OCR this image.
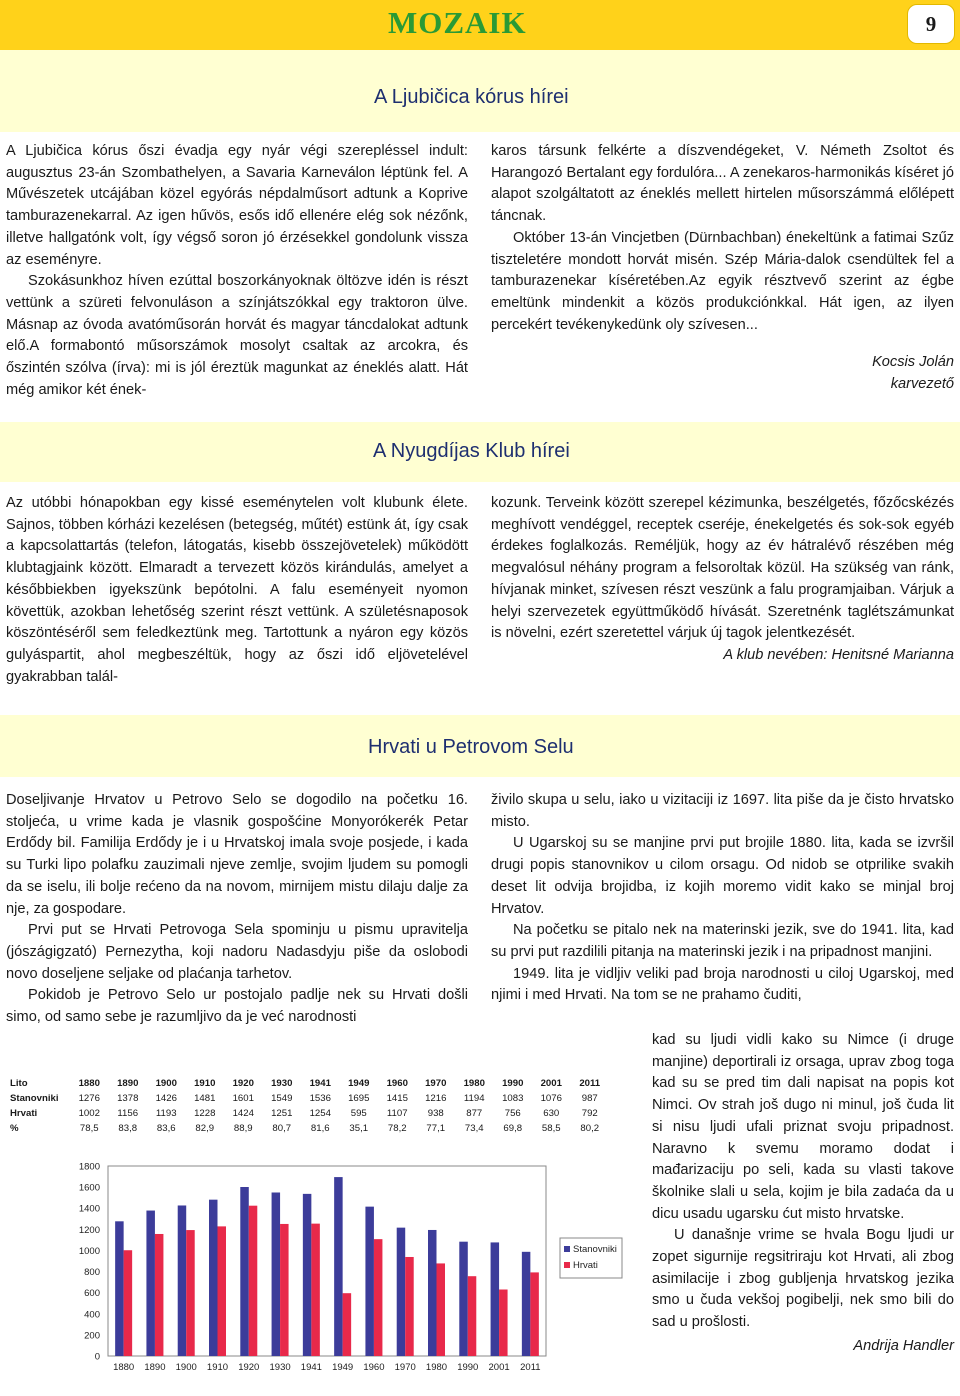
MOZAIK	9
A Ljubičica kórus hírei

A Ljubičica kórus őszi évadja egy nyár végi szerepléssel indult: augusztus 23-án Szombathelyen, a Savaria Karneválon léptünk fel. A Művészetek utcájában közel egyórás népdalműsort adtunk a Koprive tamburazenekarral. Az igen hűvös, esős idő ellenére elég sok nézőnk, illetve hallgatónk volt, így végső soron jó érzésekkel gondolunk vissza az eseményre.

Szokásunkhoz híven ezúttal boszorkányoknak öltözve idén is részt vettünk a szüreti felvonuláson a színjátszókkal egy traktoron ülve. Másnap az óvoda avatóműsorán horvát és magyar táncdalokat adtunk elő.A formabontó műsorszámok mosolyt csaltak az arcokra, és őszintén szólva (írva): mi is jól éreztük magunkat az éneklés alatt. Hát még amikor két ének-

karos társunk felkérte a díszvendégeket, V. Németh Zsoltot és Harangozó Bertalant egy fordulóra... A zenekaros-harmonikás kíséret jó alapot szolgáltatott az éneklés mellett hirtelen műsorszámmá előlépett táncnak.

Október 13-án Vincjetben (Dürnbachban) énekeltünk a fatimai Szűz tiszteletére mondott horvát misén. Szép Mária-dalok csendültek fel a tamburazenekar kíséretében.Az egyik résztvevő szerint az égbe emeltünk mindenkit a közös produkciónkkal. Hát igen, az ilyen percekért tevékenykedünk oly szívesen...

Kocsis Jolán

karvezető

A Nyugdíjas Klub hírei

Az utóbbi hónapokban egy kissé eseménytelen volt klubunk élete. Sajnos, többen kórházi kezelésen (betegség, műtét) estünk át, így csak a kapcsolattartás (telefon, látogatás, kisebb összejövetelek) működött klubtagjaink között. Elmaradt a tervezett közös kirándulás, amelyet a későbbiekben igyekszünk bepótolni. A falu eseményeit nyomon követtük, azokban lehetőség szerint részt vettünk. A születésnaposok köszöntéséről sem feledkeztünk meg. Tartottunk a nyáron egy közös gulyáspartit, ahol megbeszéltük, hogy az őszi idő eljövetelével gyakrabban talál-

kozunk. Terveink között szerepel kézimunka, beszélgetés, főzőcskézés meghívott vendéggel, receptek cseréje, énekelgetés és sok-sok egyéb érdekes foglalkozás. Reméljük, hogy az év hátralévő részében még megvalósul néhány program a felsoroltak közül. Ha szükség van ránk, hívjanak minket, szívesen részt veszünk a falu programjaiban. Várjuk a helyi szervezetek együttműködő hívását. Szeretnénk taglétszámunkat is növelni, ezért szeretettel várjuk új tagok jelentkezését.

A klub nevében: Henitsné Marianna

Hrvati u Petrovom Selu

Doseljivanje Hrvatov u Petrovo Selo se dogodilo na početku 16. stoljeća, u vrime kada je vlasnik gospošćine Monyorókerék Petar Erdődy bil. Familija Erdődy je i u Hrvatskoj imala svoje posjede, i kada su Turki lipo polafku zauzimali njeve zemlje, svojim ljudem su pomogli da se iselu, ili bolje rećeno da na novom, mirnijem mistu dilaju dalje za nje, za gospodare.

Prvi put se Hrvati Petrovoga Sela spominju u pismu upraviteljа (jószágigzató) Pernezytha, koji nadoru Nadasdyju piše da oslobodi novo doseljene seljake od plaćanja tarhetov.

Pokidob je Petrovo Selo ur postojalo padlje nek su Hrvati došli simo, od samo sebe je razumljivo da je već narodnosti

živilo skupa u selu, iako u vizitaciji iz 1697. lita piše da je čisto hrvatsko misto.

U Ugarskoj su se manjine prvi put brojile 1880. lita, kada se izvršil drugi popis stanovnikov u cilom orsagu. Od nidob se otprilike svakih deset lit odvija brojidba, iz kojih moremo vidit kako se minjal broj Hrvatov.

Na početku se pitalo nek na materinski jezik, sve do 1941. lita, kad su prvi put razdilili pitanja na materinski jezik i na pripadnost manjini.

1949. lita je vidljiv veliki pad broja narodnosti u ciloj Ugarskoj, med njimi i med Hrvati. Na tom se ne prahamo čuditi,

kad su ljudi vidli kako su Nimce (i druge manjine) deportirali iz orsaga, uprav zbog toga kad su se pred tim dali napisat na popis kot Nimci. Ov strah još dugo ni minul, još čuda lit si nisu ljudi ufali priznat svoju pripadnost. Naravno k svemu moramo dodat i mađarizaciju po seli, kada su vlasti takove školnike slali u sela, kojim je bila zadaća da u dicu usadu ugarsku ćut misto hrvatske.

U današnje vrime se hvala Bogu ljudi ur zopet sigurnije regsitriraju kot Hrvati, ali zbog asimilacije i zbog gubljenja hrvatskog jezika smo u čuda vekšoj pogibelji, nek smo bili do sad u prošlosti.

Andrija Handler

Lito	1880	1890	1900	1910	1920	1930	1941	1949	1960	1970	1980	1990	2001	2011
Stanovniki	1276	1378	1426	1481	1601	1549	1536	1695	1415	1216	1194	1083	1076	987
Hrvati	1002	1156	1193	1228	1424	1251	1254	595	1107	938	877	756	630	792
%	78,5	83,8	83,6	82,9	88,9	80,7	81,6	35,1	78,2	77,1	73,4	69,8	58,5	80,2
0
200
400
600
800
1000
1200
1400
1600
1800
1880 1890 1900 1910 1920 1930 1941 1949 1960 1970 1980 1990 2001 2011
Stanovniki
Hrvati
